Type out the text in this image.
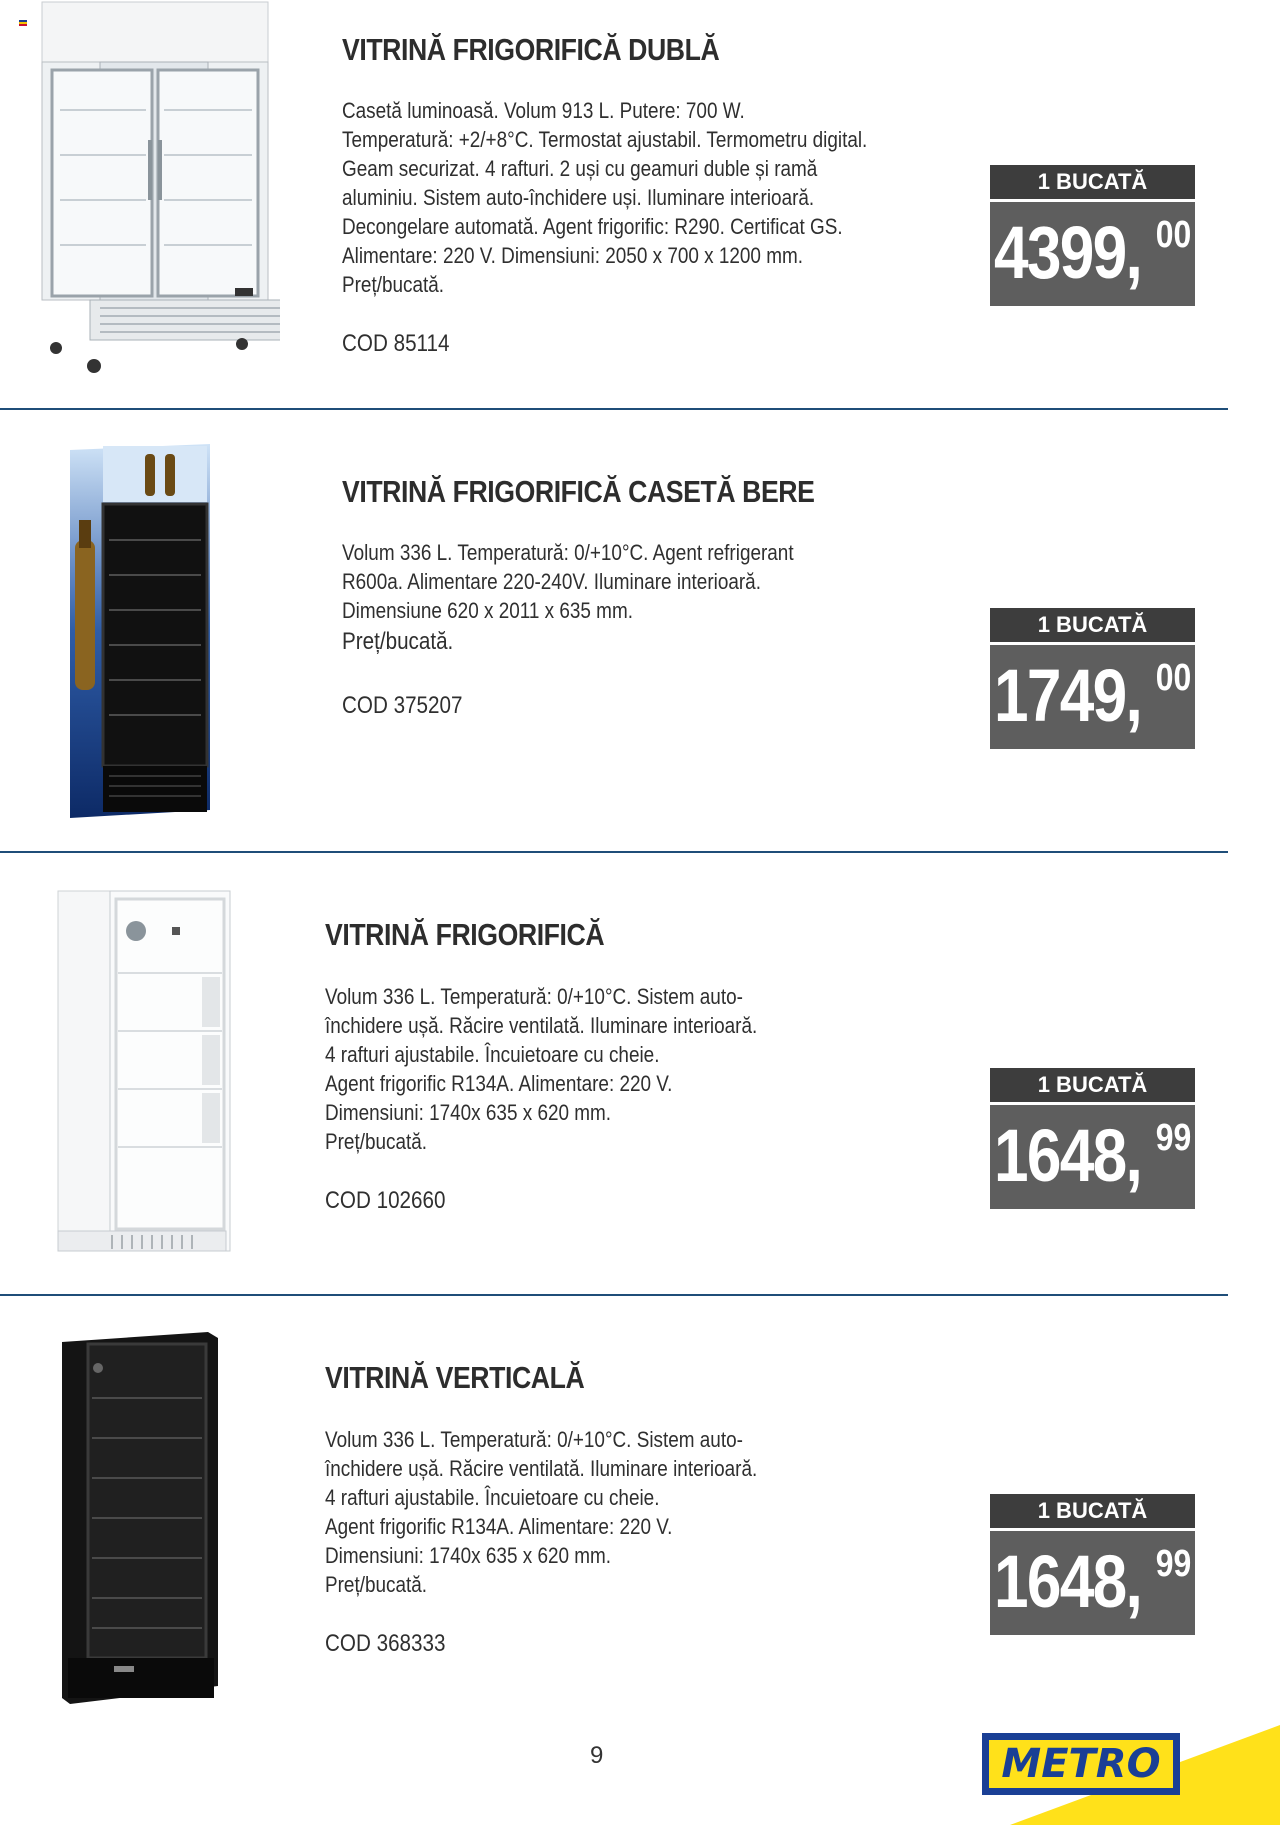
VITRINĂ FRIGORIFICĂ DUBLĂ

Casetă luminoasă. Volum 913 L. Putere: 700 W.
Temperatură: +2/+8°C. Termostat ajustabil. Termometru digital.
Geam securizat. 4 rafturi. 2 uși cu geamuri duble și ramă
aluminiu. Sistem auto-închidere uși. Iluminare interioară.
Decongelare automată. Agent frigorific: R290. Certificat GS.
Alimentare: 220 V. Dimensiuni: 2050 x 700 x 1200 mm.
Preț/bucată.

COD 85114

1 BUCATĂ
4399, 00
VITRINĂ FRIGORIFICĂ CASETĂ BERE

Volum 336 L. Temperatură: 0/+10°C. Agent refrigerant
R600a. Alimentare 220-240V. Iluminare interioară.
Dimensiune 620 x 2011 x 635 mm.
Preț/bucată.

COD 375207

1 BUCATĂ
1749, 00
VITRINĂ FRIGORIFICĂ

Volum 336 L. Temperatură: 0/+10°C. Sistem auto-
închidere ușă. Răcire ventilată. Iluminare interioară.
4 rafturi ajustabile. Încuietoare cu cheie.
Agent frigorific R134A. Alimentare: 220 V.
Dimensiuni: 1740x 635 x 620 mm.
Preț/bucată.

COD 102660

1 BUCATĂ
1648, 99
VITRINĂ VERTICALĂ

Volum 336 L. Temperatură: 0/+10°C. Sistem auto-
închidere ușă. Răcire ventilată. Iluminare interioară.
4 rafturi ajustabile. Încuietoare cu cheie.
Agent frigorific R134A. Alimentare: 220 V.
Dimensiuni: 1740x 635 x 620 mm.
Preț/bucată.

COD 368333

1 BUCATĂ
1648, 99
9	METRO
